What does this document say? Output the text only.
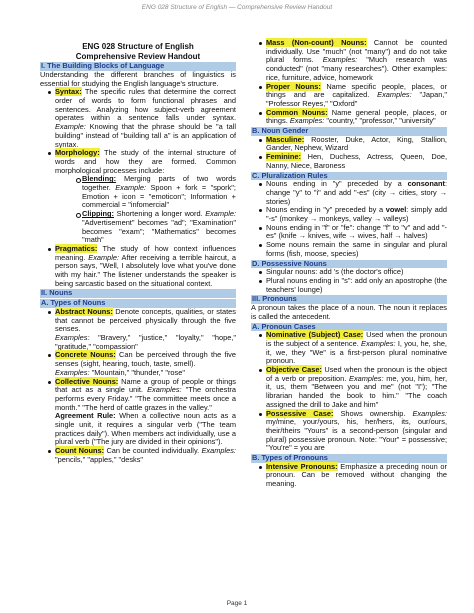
ENG 028 Structure of English — Comprehensive Review Handout
ENG 028 Structure of English
Comprehensive Review Handout
I. The Building Blocks of Language
Understanding the different branches of linguistics is essential for studying the English language's structure.
Syntax: The specific rules that determine the correct order of words to form functional phrases and sentences. Analyzing how subject-verb agreement operates within a sentence falls under syntax. Example: Knowing that the phrase should be "a tall building" instead of "building tall a" is an application of syntax.
Morphology: The study of the internal structure of words and how they are formed. Common morphological processes include:
Blending: Merging parts of two words together. Example: Spoon + fork = "spork"; Emotion + icon = "emoticon"; Information + commercial = "infomercial"
Clipping: Shortening a longer word. Example: "Advertisement" becomes "ad"; "Examination" becomes "exam"; "Mathematics" becomes "math"
Pragmatics: The study of how context influences meaning. Example: After receiving a terrible haircut, a person says, "Well, I absolutely love what you've done with my hair." The listener understands the speaker is being sarcastic based on the situational context.
II. Nouns
A. Types of Nouns
Abstract Nouns: Denote concepts, qualities, or states that cannot be perceived physically through the five senses.
Examples: "Bravery," "justice," "loyalty," "hope," "gratitude," "compassion"
Concrete Nouns: Can be perceived through the five senses (sight, hearing, touch, taste, smell).
Examples: "Mountain," "thunder," "rose"
Collective Nouns: Name a group of people or things that act as a single unit. Examples: "The orchestra performs every Friday." "The committee meets once a month." "The herd of cattle grazes in the valley."
Agreement Rule: When a collective noun acts as a single unit, it requires a singular verb ("The team practices daily"). When members act individually, use a plural verb ("The jury are divided in their opinions").
Count Nouns: Can be counted individually. Examples: "pencils," "apples," "desks"
Mass (Non-count) Nouns: Cannot be counted individually. Use "much" (not "many") and do not take plural forms. Examples: "Much research was conducted" (not "many researches"). Other examples: rice, furniture, advice, homework
Proper Nouns: Name specific people, places, or things and are capitalized. Examples: "Japan," "Professor Reyes," "Oxford"
Common Nouns: Name general people, places, or things. Examples: "country," "professor," "university"
B. Noun Gender
Masculine: Rooster, Duke, Actor, King, Stallion, Gander, Nephew, Wizard
Feminine: Hen, Duchess, Actress, Queen, Doe, Nanny, Niece, Baroness
C. Pluralization Rules
Nouns ending in "y" preceded by a consonant: change "y" to "i" and add "-es" (city → cities, story → stories)
Nouns ending in "y" preceded by a vowel: simply add "-s" (monkey → monkeys, valley → valleys)
Nouns ending in "f" or "fe": change "f" to "v" and add "-es" (knife → knives, wife → wives, half → halves)
Some nouns remain the same in singular and plural forms (fish, moose, species)
D. Possessive Nouns
Singular nouns: add 's (the doctor's office)
Plural nouns ending in "s": add only an apostrophe (the teachers' lounge)
III. Pronouns
A pronoun takes the place of a noun. The noun it replaces is called the antecedent.
A. Pronoun Cases
Nominative (Subject) Case: Used when the pronoun is the subject of a sentence. Examples: I, you, he, she, it, we, they "We" is a first-person plural nominative pronoun.
Objective Case: Used when the pronoun is the object of a verb or preposition. Examples: me, you, him, her, it, us, them "Between you and me" (not "I"); "The librarian handed the book to him." "The coach assigned the drill to Jake and him"
Possessive Case: Shows ownership. Examples: my/mine, your/yours, his, her/hers, its, our/ours, their/theirs "Yours" is a second-person (singular and plural) possessive pronoun. Note: "Your" = possessive; "You're" = you are
B. Types of Pronouns
Intensive Pronouns: Emphasize a preceding noun or pronoun. Can be removed without changing the meaning.
Page 1
